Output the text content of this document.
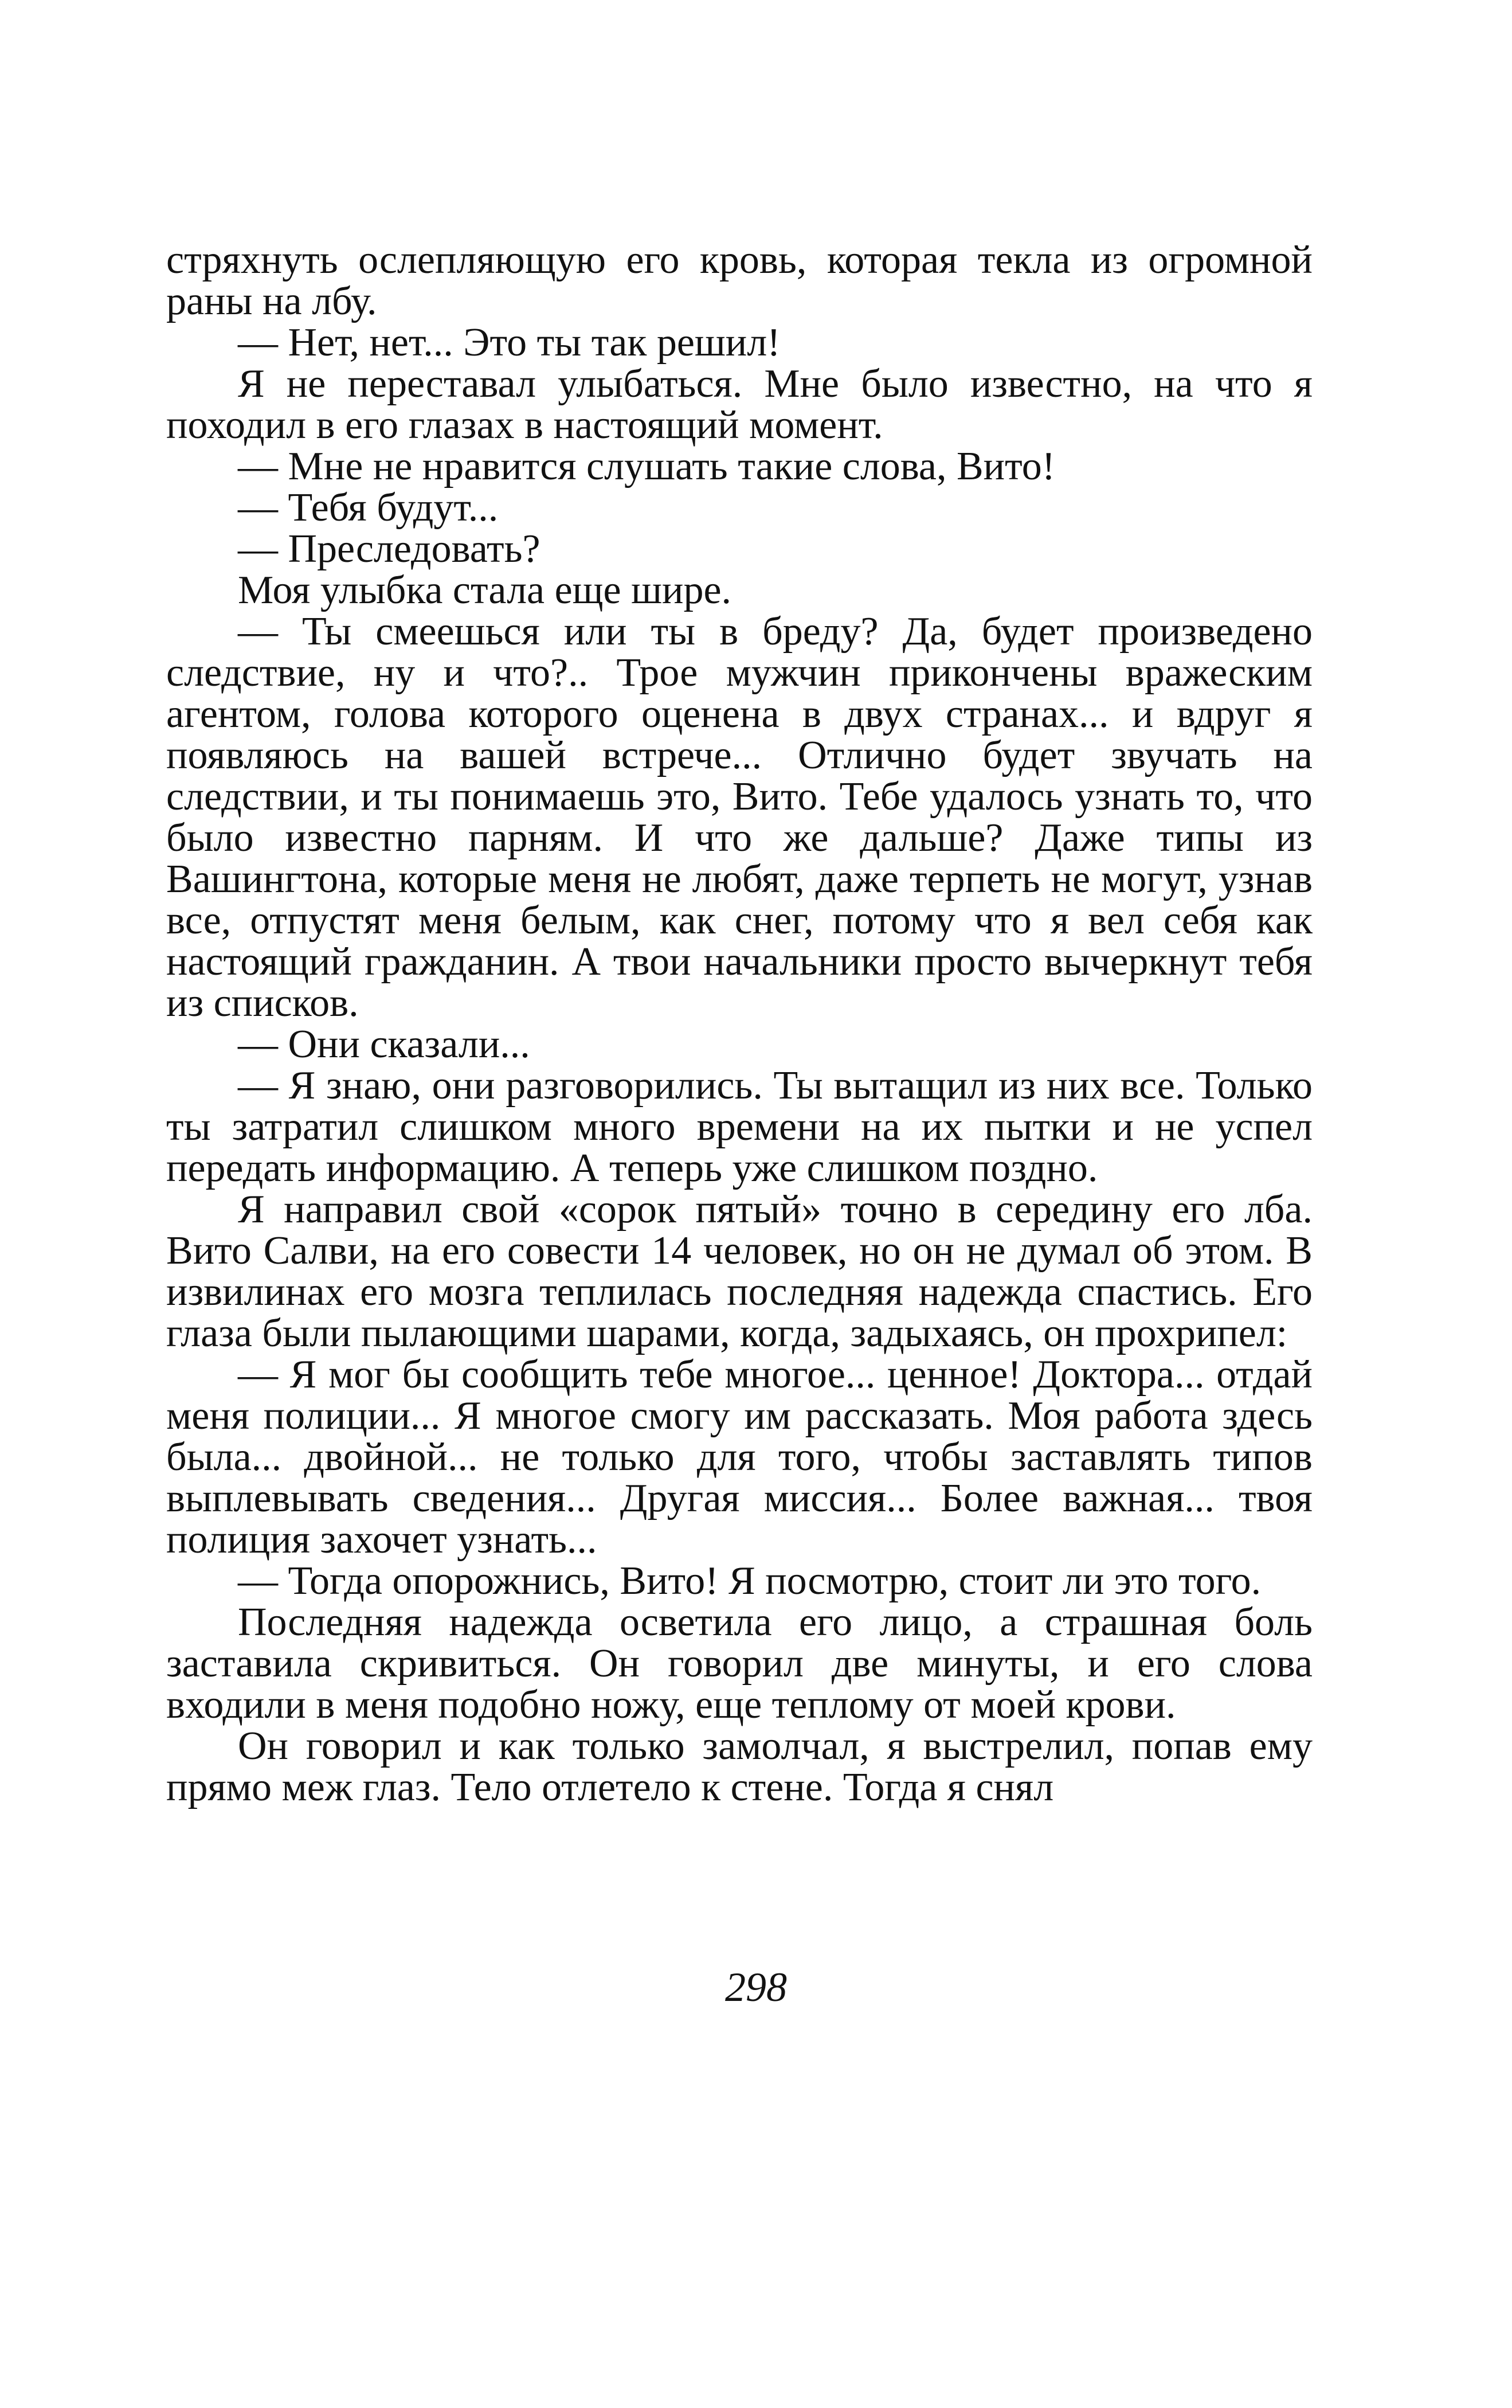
стряхнуть ослепляющую его кровь, которая текла из огромной раны на лбу.

— Нет, нет... Это ты так решил!

Я не переставал улыбаться. Мне было известно, на что я походил в его глазах в настоящий момент.

— Мне не нравится слушать такие слова, Вито!

— Тебя будут...

— Преследовать?

Моя улыбка стала еще шире.

— Ты смеешься или ты в бреду? Да, будет произведено следствие, ну и что?.. Трое мужчин прикончены вражеским агентом, голова которого оценена в двух странах... и вдруг я появляюсь на вашей встрече... Отлично будет звучать на следствии, и ты понимаешь это, Вито. Тебе удалось узнать то, что было известно парням. И что же дальше? Даже типы из Вашингтона, которые меня не любят, даже терпеть не могут, узнав все, отпустят меня белым, как снег, потому что я вел себя как настоящий гражданин. А твои начальники просто вычеркнут тебя из списков.

— Они сказали...

— Я знаю, они разговорились. Ты вытащил из них все. Только ты затратил слишком много времени на их пытки и не успел передать информацию. А теперь уже слишком поздно.

Я направил свой «сорок пятый» точно в середину его лба. Вито Салви, на его совести 14 человек, но он не думал об этом. В извилинах его мозга теплилась последняя надежда спастись. Его глаза были пылающими шарами, когда, задыхаясь, он прохрипел:

— Я мог бы сообщить тебе многое... ценное! Доктора... отдай меня полиции... Я многое смогу им рассказать. Моя работа здесь была... двойной... не только для того, чтобы заставлять типов выплевывать сведения... Другая миссия... Более важная... твоя полиция захочет узнать...

— Тогда опорожнись, Вито! Я посмотрю, стоит ли это того.

Последняя надежда осветила его лицо, а страшная боль заставила скривиться. Он говорил две минуты, и его слова входили в меня подобно ножу, еще теплому от моей крови.

Он говорил и как только замолчал, я выстрелил, попав ему прямо меж глаз. Тело отлетело к стене. Тогда я снял

298
